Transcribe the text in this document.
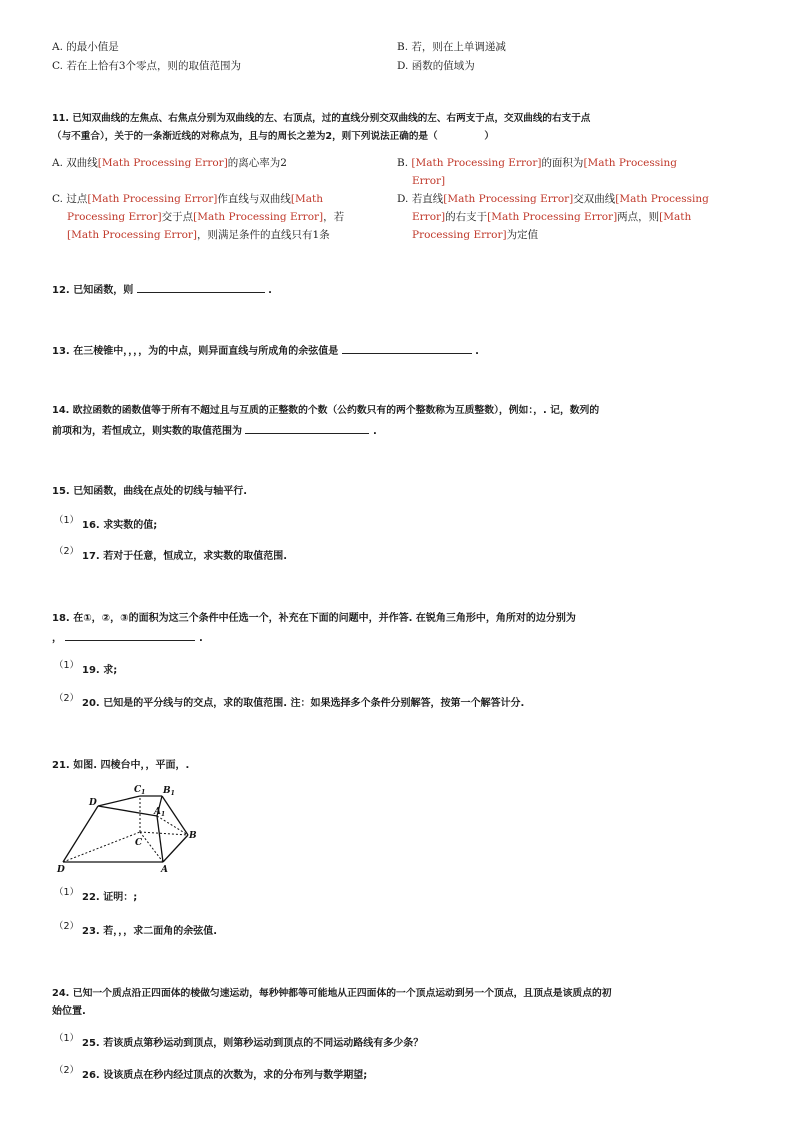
A. 的最小值是	B. 若，则在上单调递减
C. 若在上恰有3个零点，则的取值范围为	D. 函数的值域为
11. 已知双曲线的左焦点、右焦点分别为双曲线的左、右顶点，过的直线分别交双曲线的左、右两支于点，交双曲线的右支于点
（与不重合），关于的一条渐近线的对称点为，且与的周长之差为2，则下列说法正确的是（              ）
A. 双曲线[Math Processing Error]的离心率为2	B. [Math Processing Error]的面积为[Math Processing
Error]
C. 过点[Math Processing Error]作直线与双曲线[Math
Processing Error]交于点[Math Processing Error]，若
[Math Processing Error]，则满足条件的直线只有1条
D. 若直线[Math Processing Error]交双曲线[Math Processing
Error]的右支于[Math Processing Error]两点，则[Math
Processing Error]为定值
12. 已知函数，则	.
13. 在三棱锥中，，，，为的中点，则异面直线与所成角的余弦值是	.
14. 欧拉函数的函数值等于所有不超过且与互质的正整数的个数（公约数只有的两个整数称为互质整数），例如：，. 记，数列的
前项和为，若恒成立，则实数的取值范围为	.
15. 已知函数，曲线在点处的切线与轴平行.
（1） 16. 求实数的值;
（2） 17. 若对于任意，恒成立，求实数的取值范围.
18. 在①，②，③的面积为这三个条件中任选一个，补充在下面的问题中，并作答. 在锐角三角形中，角所对的边分别为
，	.
（1） 19. 求;
（2） 20. 已知是的平分线与的交点，求的取值范围. 注：如果选择多个条件分别解答，按第一个解答计分.
21. 如图. 四棱台中，，平面，.
$C_1$ $B_1$
D
$A_1$
C
B
D	A
（1） 22. 证明：;
（2） 23. 若，，，求二面角的余弦值.
24. 已知一个质点沿正四面体的棱做匀速运动，每秒钟都等可能地从正四面体的一个顶点运动到另一个顶点，且顶点是该质点的初
始位置.
（1） 25. 若该质点第秒运动到顶点，则第秒运动到顶点的不同运动路线有多少条？
（2） 26. 设该质点在秒内经过顶点的次数为，求的分布列与数学期望;
